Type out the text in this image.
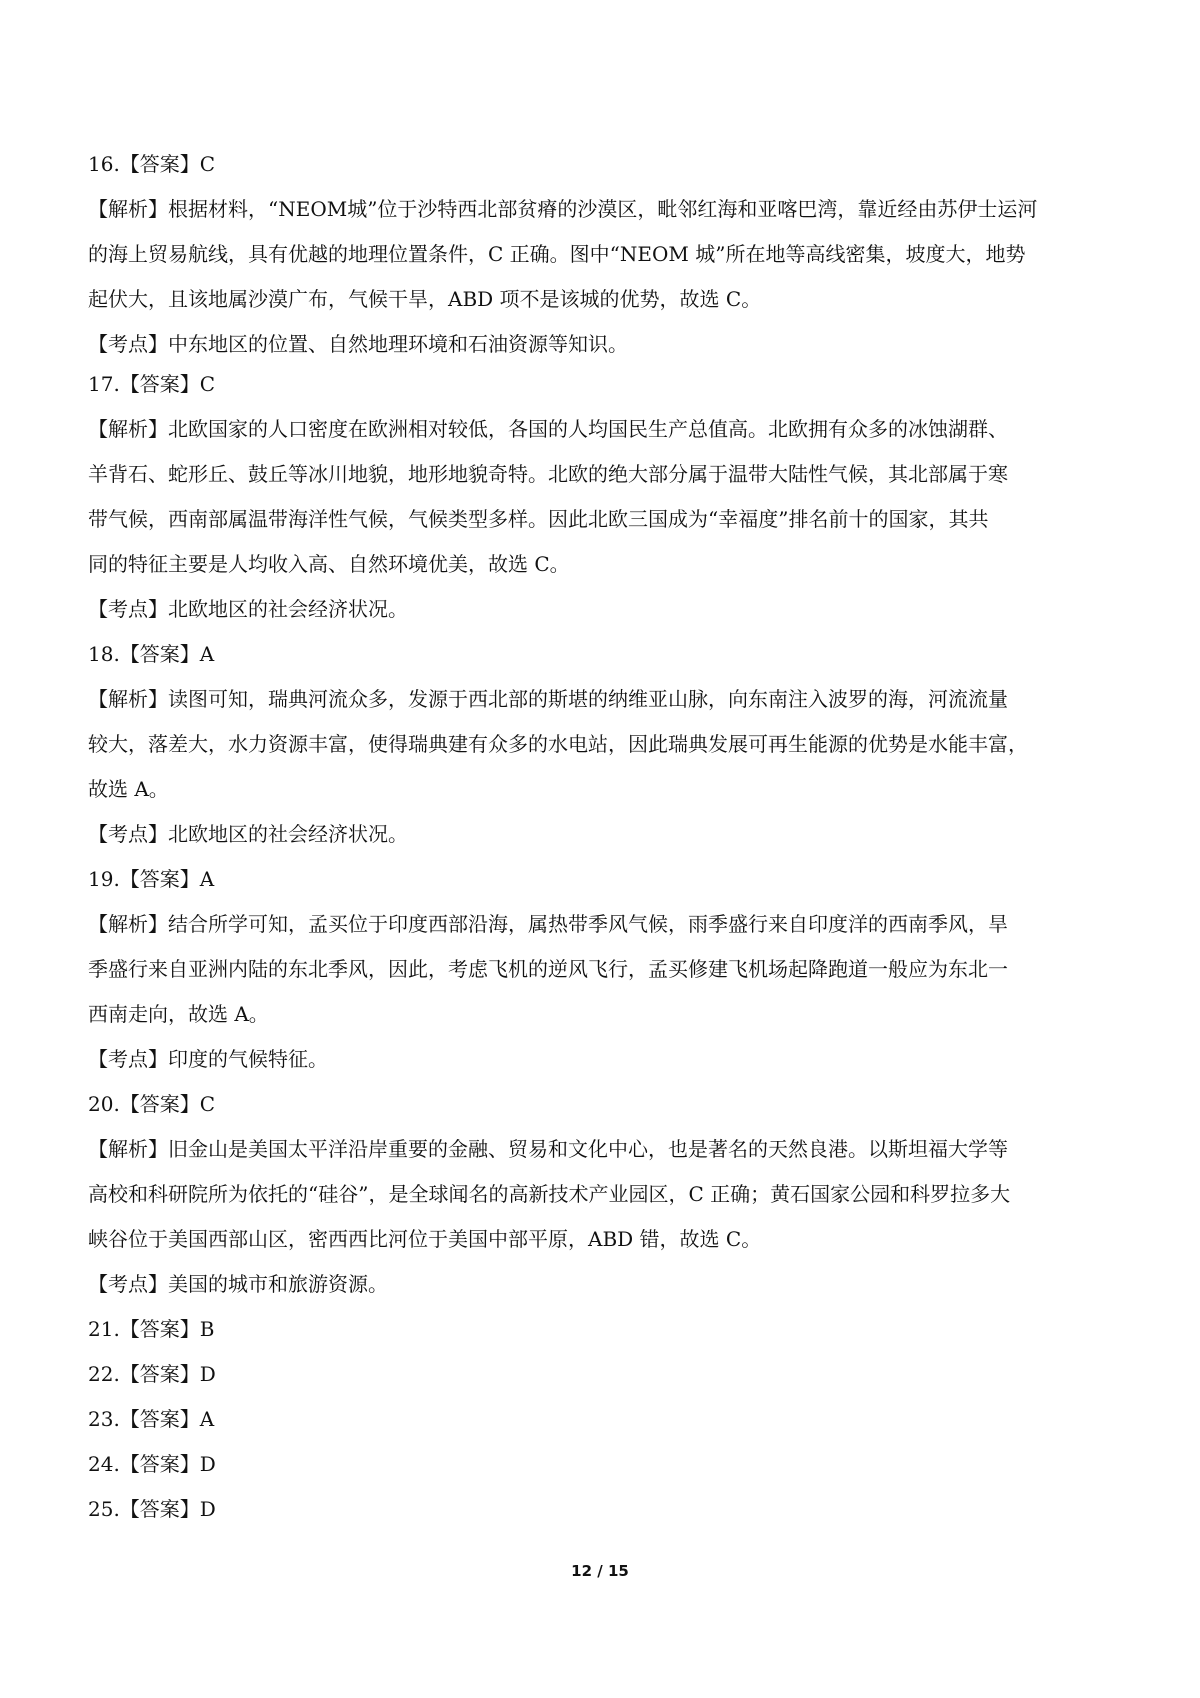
16.【答案】C
【解析】根据材料，“NEOM城”位于沙特西北部贫瘠的沙漠区，毗邻红海和亚喀巴湾，靠近经由苏伊士运河
的海上贸易航线，具有优越的地理位置条件，C 正确。图中“NEOM 城”所在地等高线密集，坡度大，地势
起伏大，且该地属沙漠广布，气候干旱，ABD 项不是该城的优势，故选 C。
【考点】中东地区的位置、自然地理环境和石油资源等知识。
17.【答案】C
【解析】北欧国家的人口密度在欧洲相对较低，各国的人均国民生产总值高。北欧拥有众多的冰蚀湖群、
羊背石、蛇形丘、鼓丘等冰川地貌，地形地貌奇特。北欧的绝大部分属于温带大陆性气候，其北部属于寒
带气候，西南部属温带海洋性气候，气候类型多样。因此北欧三国成为“幸福度”排名前十的国家，其共
同的特征主要是人均收入高、自然环境优美，故选 C。
【考点】北欧地区的社会经济状况。
18.【答案】A
【解析】读图可知，瑞典河流众多，发源于西北部的斯堪的纳维亚山脉，向东南注入波罗的海，河流流量
较大，落差大，水力资源丰富，使得瑞典建有众多的水电站，因此瑞典发展可再生能源的优势是水能丰富，
故选 A。
【考点】北欧地区的社会经济状况。
19.【答案】A
【解析】结合所学可知，孟买位于印度西部沿海，属热带季风气候，雨季盛行来自印度洋的西南季风，旱
季盛行来自亚洲内陆的东北季风，因此，考虑飞机的逆风飞行，孟买修建飞机场起降跑道一般应为东北一
西南走向，故选 A。
【考点】印度的气候特征。
20.【答案】C
【解析】旧金山是美国太平洋沿岸重要的金融、贸易和文化中心，也是著名的天然良港。以斯坦福大学等
高校和科研院所为依托的“硅谷”，是全球闻名的高新技术产业园区，C 正确；黄石国家公园和科罗拉多大
峡谷位于美国西部山区，密西西比河位于美国中部平原，ABD 错，故选 C。
【考点】美国的城市和旅游资源。
21.【答案】B
22.【答案】D
23.【答案】A
24.【答案】D
25.【答案】D
12 / 15
